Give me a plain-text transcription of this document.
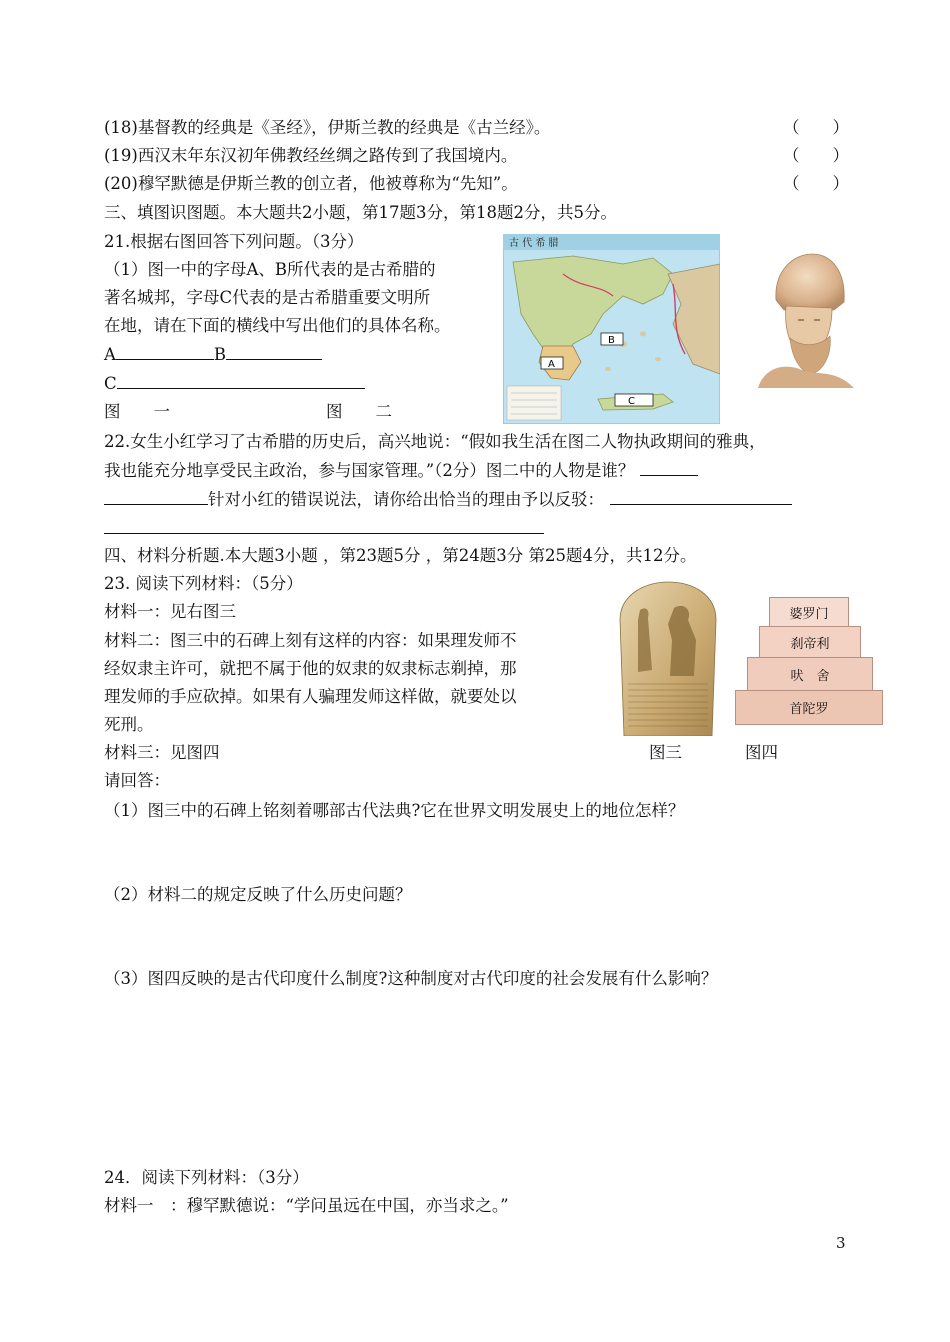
(18)基督教的经典是《圣经》，伊斯兰教的经典是《古兰经》。	（　　）
(19)西汉末年东汉初年佛教经丝绸之路传到了我国境内。	（　　）
(20)穆罕默德是伊斯兰教的创立者，他被尊称为“先知”。	（　　）
三、填图识图题。本大题共2小题，第17题3分，第18题2分，共5分。
21.根据右图回答下列问题。（3分）
（1）图一中的字母A、B所代表的是古希腊的
著名城邦，字母C代表的是古希腊重要文明所
在地，请在下面的横线中写出他们的具体名称。
A	B
C
图　　一	图　　二
古 代 希 腊
A
B
C
22.女生小红学习了古希腊的历史后，高兴地说：“假如我生活在图二人物执政期间的雅典，
我也能充分地享受民主政治，参与国家管理。”（2分）图二中的人物是谁？
针对小红的错误说法，请你给出恰当的理由予以反驳：
四、材料分析题.本大题3小题 ，第23题5分 ，第24题3分 第25题4分，共12分。
23. 阅读下列材料：（5分）
材料一：见右图三
材料二：图三中的石碑上刻有这样的内容：如果理发师不
经奴隶主许可，就把不属于他的奴隶的奴隶标志剃掉，那
理发师的手应砍掉。如果有人骗理发师这样做，就要处以
死刑。
材料三：见图四
婆罗门
刹帝利
吠　舍
首陀罗
图三	图四
请回答：
（1）图三中的石碑上铭刻着哪部古代法典?它在世界文明发展史上的地位怎样？
（2）材料二的规定反映了什么历史问题？
（3）图四反映的是古代印度什么制度?这种制度对古代印度的社会发展有什么影响？
24．阅读下列材料：（3分）
材料一　：穆罕默德说：“学问虽远在中国，亦当求之。”
3
